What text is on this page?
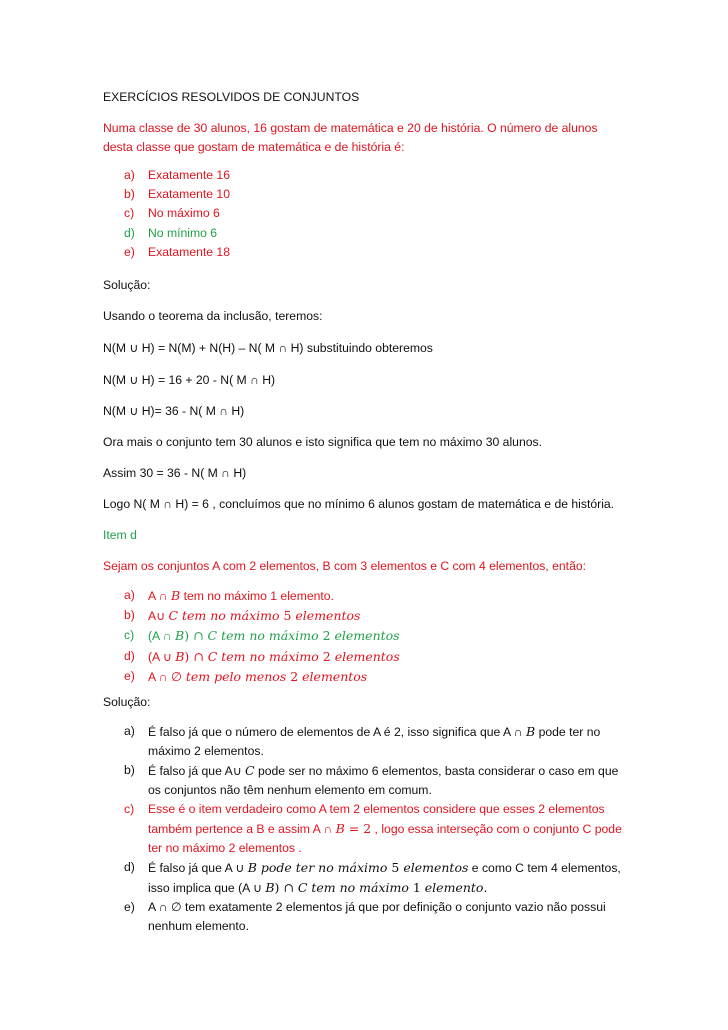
EXERCÍCIOS RESOLVIDOS DE CONJUNTOS
Numa classe de 30 alunos, 16 gostam de matemática e 20 de história. O número de alunos
desta classe que gostam de matemática e de história é:
a)	Exatamente 16
b)	Exatamente 10
c)	No máximo 6
d)	No mínimo 6
e)	Exatamente 18
Solução:
Usando o teorema da inclusão, teremos:
N(M ∪ H) = N(M) + N(H) – N( M ∩ H) substituindo obteremos
N(M ∪ H) = 16 + 20 - N( M ∩ H)
N(M ∪ H)= 36 - N( M ∩ H)
Ora mais o conjunto tem 30 alunos e isto significa que tem no máximo 30 alunos.
Assim 30 = 36 - N( M ∩ H)
Logo N( M ∩ H) = 6 , concluímos que no mínimo 6 alunos gostam de matemática e de história.
Item d
Sejam os conjuntos A com 2 elementos, B com 3 elementos e C com 4 elementos, então:
a)	A ∩ B tem no máximo 1 elemento.
b)	A∪ C tem no máximo 5 elementos
c)	(A ∩ B) ∩ C tem no máximo 2 elementos
d)	(A ∪ B) ∩ C tem no máximo 2 elementos
e)	A ∩ ∅ tem pelo menos 2 elementos
Solução:
a)	É falso já que o número de elementos de A é 2, isso significa que A ∩ B pode ter no
máximo 2 elementos.
b)	É falso já que A∪ C pode ser no máximo 6 elementos, basta considerar o caso em que
os conjuntos não têm nenhum elemento em comum.
c)	Esse é o item verdadeiro como A tem 2 elementos considere que esses 2 elementos
também pertence a B e assim A ∩ B = 2 , logo essa interseção com o conjunto C pode
ter no máximo 2 elementos .
d)	É falso já que A ∪ B pode ter no máximo 5 elementos e como C tem 4 elementos,
isso implica que (A ∪ B) ∩ C tem no máximo 1 elemento.
e)	A ∩ ∅ tem exatamente 2 elementos já que por definição o conjunto vazio não possui
nenhum elemento.
